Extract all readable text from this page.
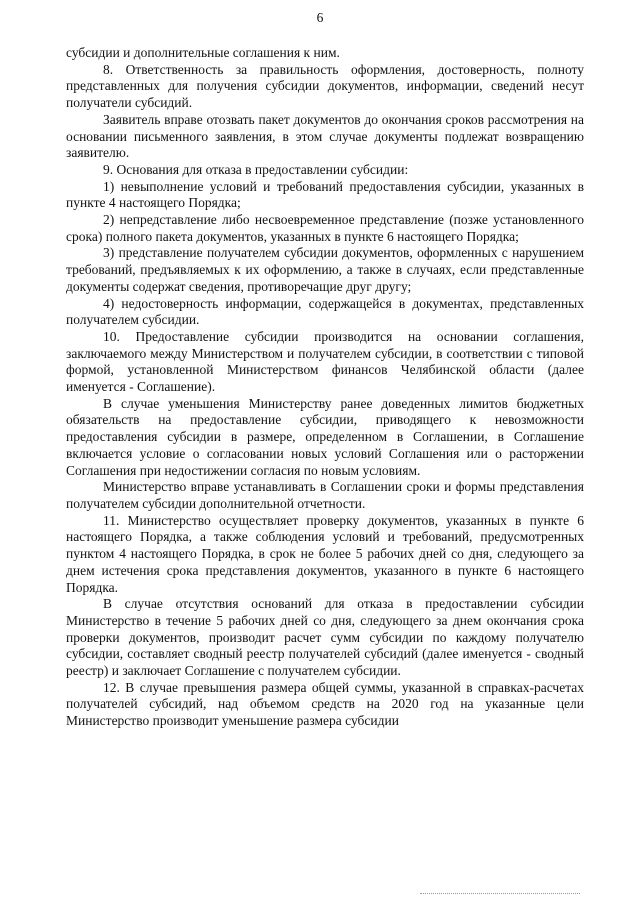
6

субсидии и дополнительные соглашения к ним.

8. Ответственность за правильность оформления, достоверность, полноту представленных для получения субсидии документов, информации, сведений несут получатели субсидий.

Заявитель вправе отозвать пакет документов до окончания сроков рассмотрения на основании письменного заявления, в этом случае документы подлежат возвращению заявителю.

9. Основания для отказа в предоставлении субсидии:

1) невыполнение условий и требований предоставления субсидии, указанных в пункте 4 настоящего Порядка;

2) непредставление либо несвоевременное представление (позже установленного срока) полного пакета документов, указанных в пункте 6 настоящего Порядка;

3) представление получателем субсидии документов, оформленных с нарушением требований, предъявляемых к их оформлению, а также в случаях, если представленные документы содержат сведения, противоречащие друг другу;

4) недостоверность информации, содержащейся в документах, представленных получателем субсидии.

10. Предоставление субсидии производится на основании соглашения, заключаемого между Министерством и получателем субсидии, в соответствии с типовой формой, установленной Министерством финансов Челябинской области (далее именуется - Соглашение).

В случае уменьшения Министерству ранее доведенных лимитов бюджетных обязательств на предоставление субсидии, приводящего к невозможности предоставления субсидии в размере, определенном в Соглашении, в Соглашение включается условие о согласовании новых условий Соглашения или о расторжении Соглашения при недостижении согласия по новым условиям.

Министерство вправе устанавливать в Соглашении сроки и формы представления получателем субсидии дополнительной отчетности.

11. Министерство осуществляет проверку документов, указанных в пункте 6 настоящего Порядка, а также соблюдения условий и требований, предусмотренных пунктом 4 настоящего Порядка, в срок не более 5 рабочих дней со дня, следующего за днем истечения срока представления документов, указанного в пункте 6 настоящего Порядка.

В случае отсутствия оснований для отказа в предоставлении субсидии Министерство в течение 5 рабочих дней со дня, следующего за днем окончания срока проверки документов, производит расчет сумм субсидии по каждому получателю субсидии, составляет сводный реестр получателей субсидий (далее именуется - сводный реестр) и заключает Соглашение с получателем субсидии.

12. В случае превышения размера общей суммы, указанной в справках-расчетах получателей субсидий, над объемом средств на 2020 год на указанные цели Министерство производит уменьшение размера субсидии
